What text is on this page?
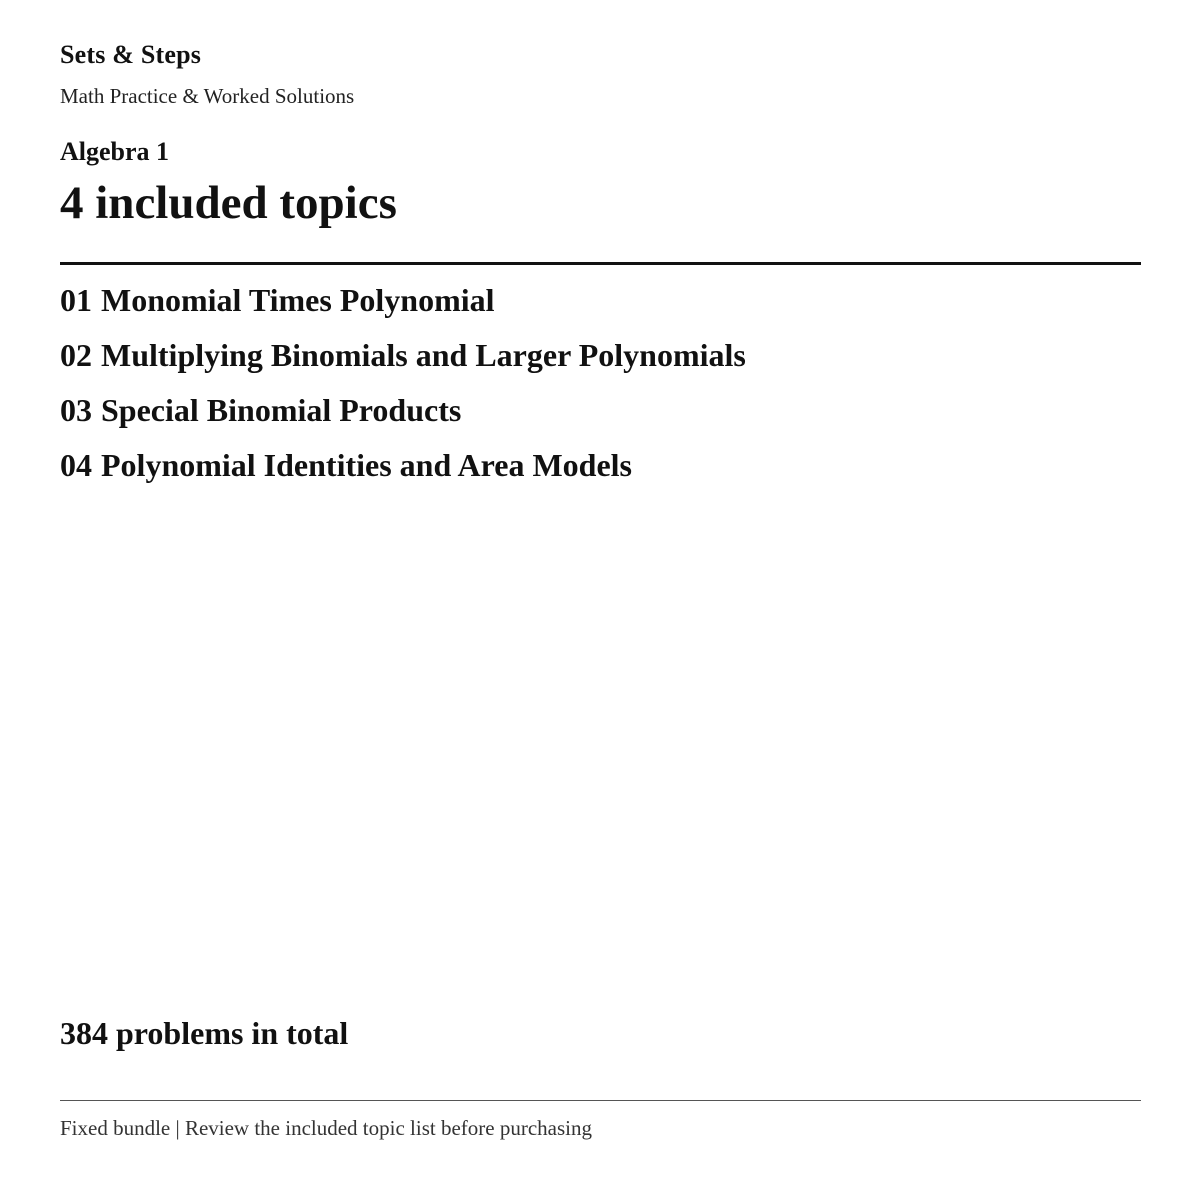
Sets & Steps
Math Practice & Worked Solutions
Algebra 1
4 included topics
01 Monomial Times Polynomial
02 Multiplying Binomials and Larger Polynomials
03 Special Binomial Products
04 Polynomial Identities and Area Models
384 problems in total
Fixed bundle | Review the included topic list before purchasing
